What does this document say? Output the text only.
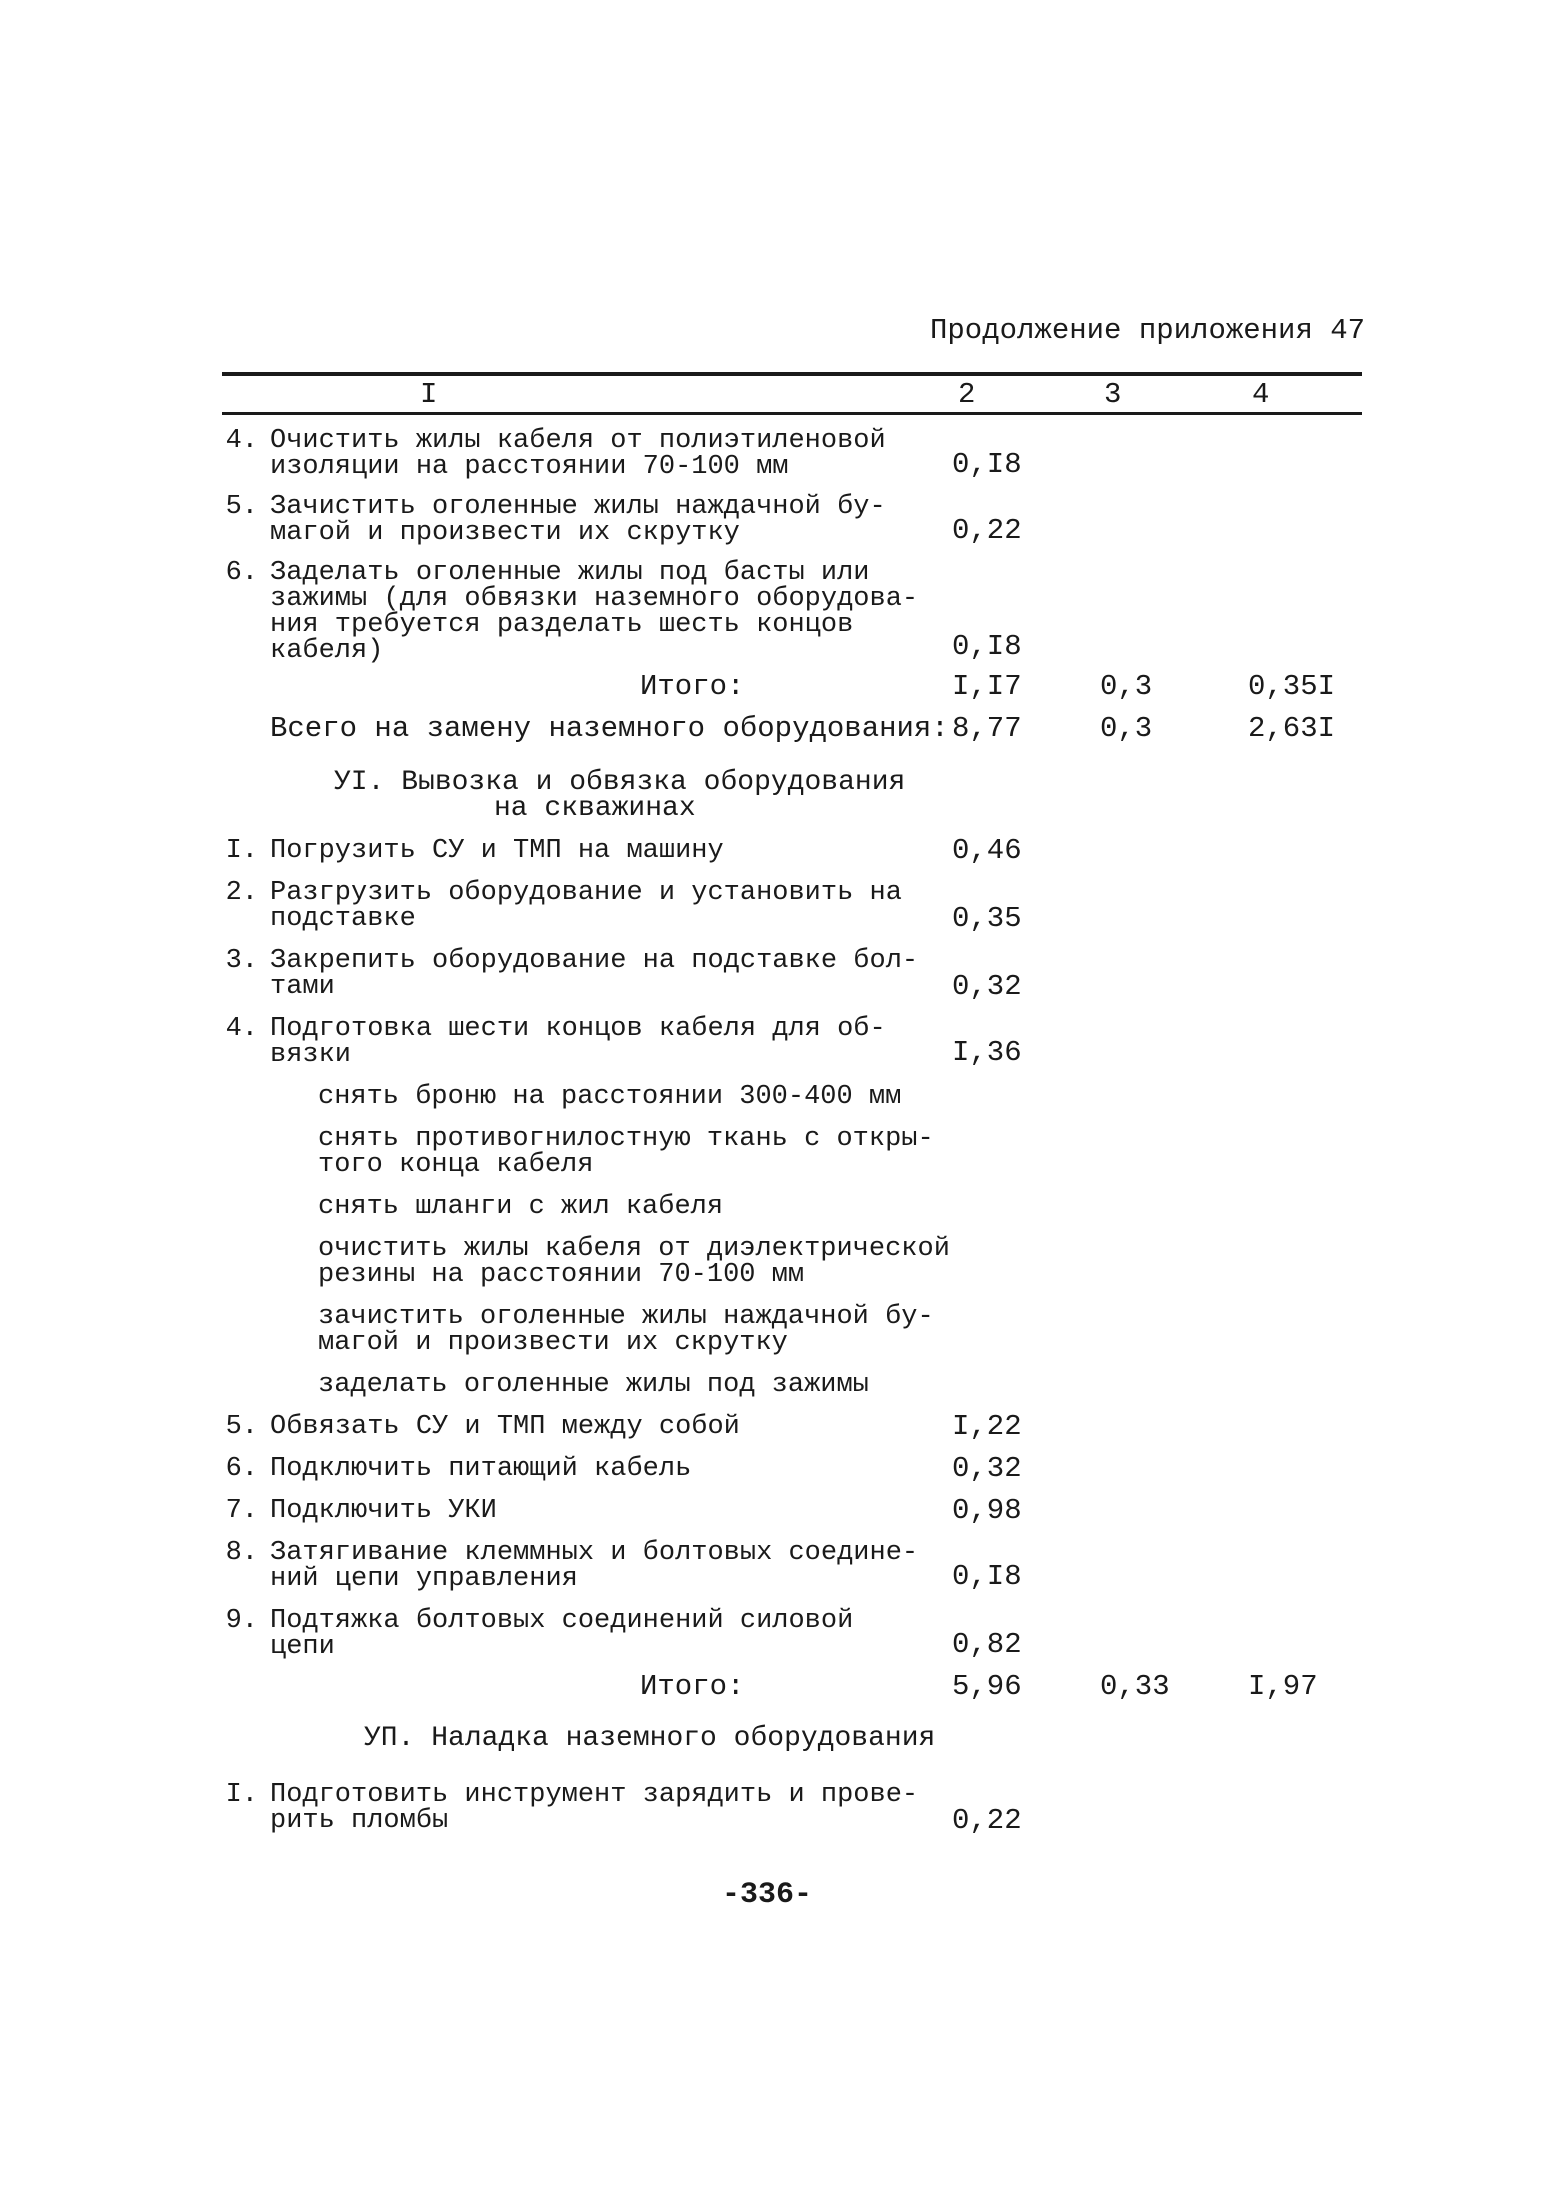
Продолжение приложения 47
I	2	3	4
4. Очистить жилы кабеля от полиэтиленовой
изоляции на расстоянии 70-100 мм	0,I8
5. Зачистить оголенные жилы наждачной бу-
магой и произвести их скрутку	0,22
6. Заделать оголенные жилы под басты или
зажимы (для обвязки наземного оборудова-
ния требуется разделать шесть концов
кабеля)	0,I8
Итого:	I,I7	0,3	0,35I
Всего на замену наземного оборудования: 8,77	0,3	2,63I
УI. Вывозка и обвязка оборудования
на скважинах
I. Погрузить СУ и ТМП на машину	0,46
2. Разгрузить оборудование и установить на
подставке	0,35
3. Закрепить оборудование на подставке бол-
тами	0,32
4. Подготовка шести концов кабеля для об-
вязки	I,36
снять броню на расстоянии 300-400 мм
снять противогнилостную ткань с откры-
того конца кабеля
снять шланги с жил кабеля
очистить жилы кабеля от диэлектрической
резины на расстоянии 70-100 мм
зачистить оголенные жилы наждачной бу-
магой и произвести их скрутку
заделать оголенные жилы под зажимы
5. Обвязать СУ и ТМП между собой	I,22
6. Подключить питающий кабель	0,32
7. Подключить УКИ	0,98
8. Затягивание клеммных и болтовых соедине-
ний цепи управления	0,I8
9. Подтяжка болтовых соединений силовой
цепи	0,82
Итого:	5,96	0,33	I,97
УП. Наладка наземного оборудования
I. Подготовить инструмент зарядить и прове-
рить пломбы	0,22
-336-
